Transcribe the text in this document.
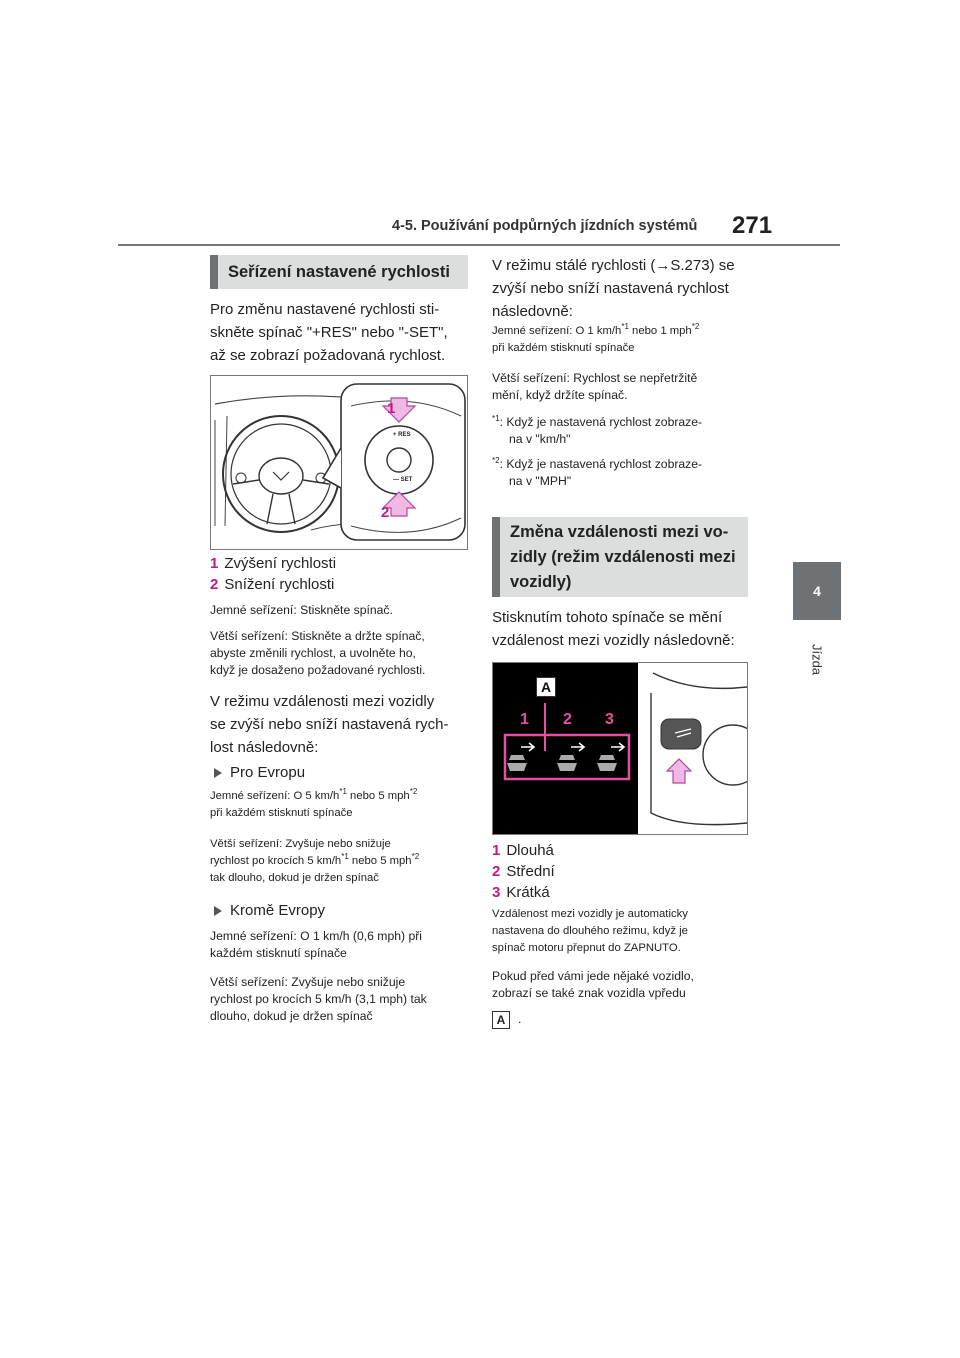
4-5. Používání podpůrných jízdních systémů 271
4
Jízda
Seřízení nastavené rychlosti
Pro změnu nastavené rychlosti sti-
skněte spínač "+RES" nebo "-SET",
až se zobrazí požadovaná rychlost.
1
2
+ RES
— SET
1 Zvýšení rychlosti
2 Snížení rychlosti
Jemné seřízení: Stiskněte spínač.
Větší seřízení: Stiskněte a držte spínač,
abyste změnili rychlost, a uvolněte ho,
když je dosaženo požadované rychlosti.
V režimu vzdálenosti mezi vozidly
se zvýší nebo sníží nastavená rych-
lost následovně:
Pro Evropu
Jemné seřízení: O 5 $km/h^{*1}$ nebo 5 mph$^{*2}$
při každém stisknutí spínače
Větší seřízení: Zvyšuje nebo snižuje
rychlost po krocích 5 $km/h^{*1}$ nebo 5 mph$^{*2}$
tak dlouho, dokud je držen spínač
Kromě Evropy
Jemné seřízení: O 1 km/h (0,6 mph) při
každém stisknutí spínače
Větší seřízení: Zvyšuje nebo snižuje
rychlost po krocích 5 km/h (3,1 mph) tak
dlouho, dokud je držen spínač
V režimu stálé rychlosti (→S.273) se
zvýší nebo sníží nastavená rychlost
následovně:
Jemné seřízení: O 1 $km/h^{*1}$ nebo 1 mph$^{*2}$
při každém stisknutí spínače
Větší seřízení: Rychlost se nepřetržitě
mění, když držíte spínač.
$^{*1}$: Když je nastavená rychlost zobraze-
na v "km/h"
$^{*2}$: Když je nastavená rychlost zobraze-
na v "MPH"
Změna vzdálenosti mezi vo-
zidly (režim vzdálenosti mezi
vozidly)
Stisknutím tohoto spínače se mění
vzdálenost mezi vozidly následovně:
A
1 2 3
1 Dlouhá
2 Střední
3 Krátká
Vzdálenost mezi vozidly je automaticky
nastavena do dlouhého režimu, když je
spínač motoru přepnut do ZAPNUTO.
Pokud před vámi jede nějaké vozidlo,
zobrazí se také znak vozidla vpředu
A .
